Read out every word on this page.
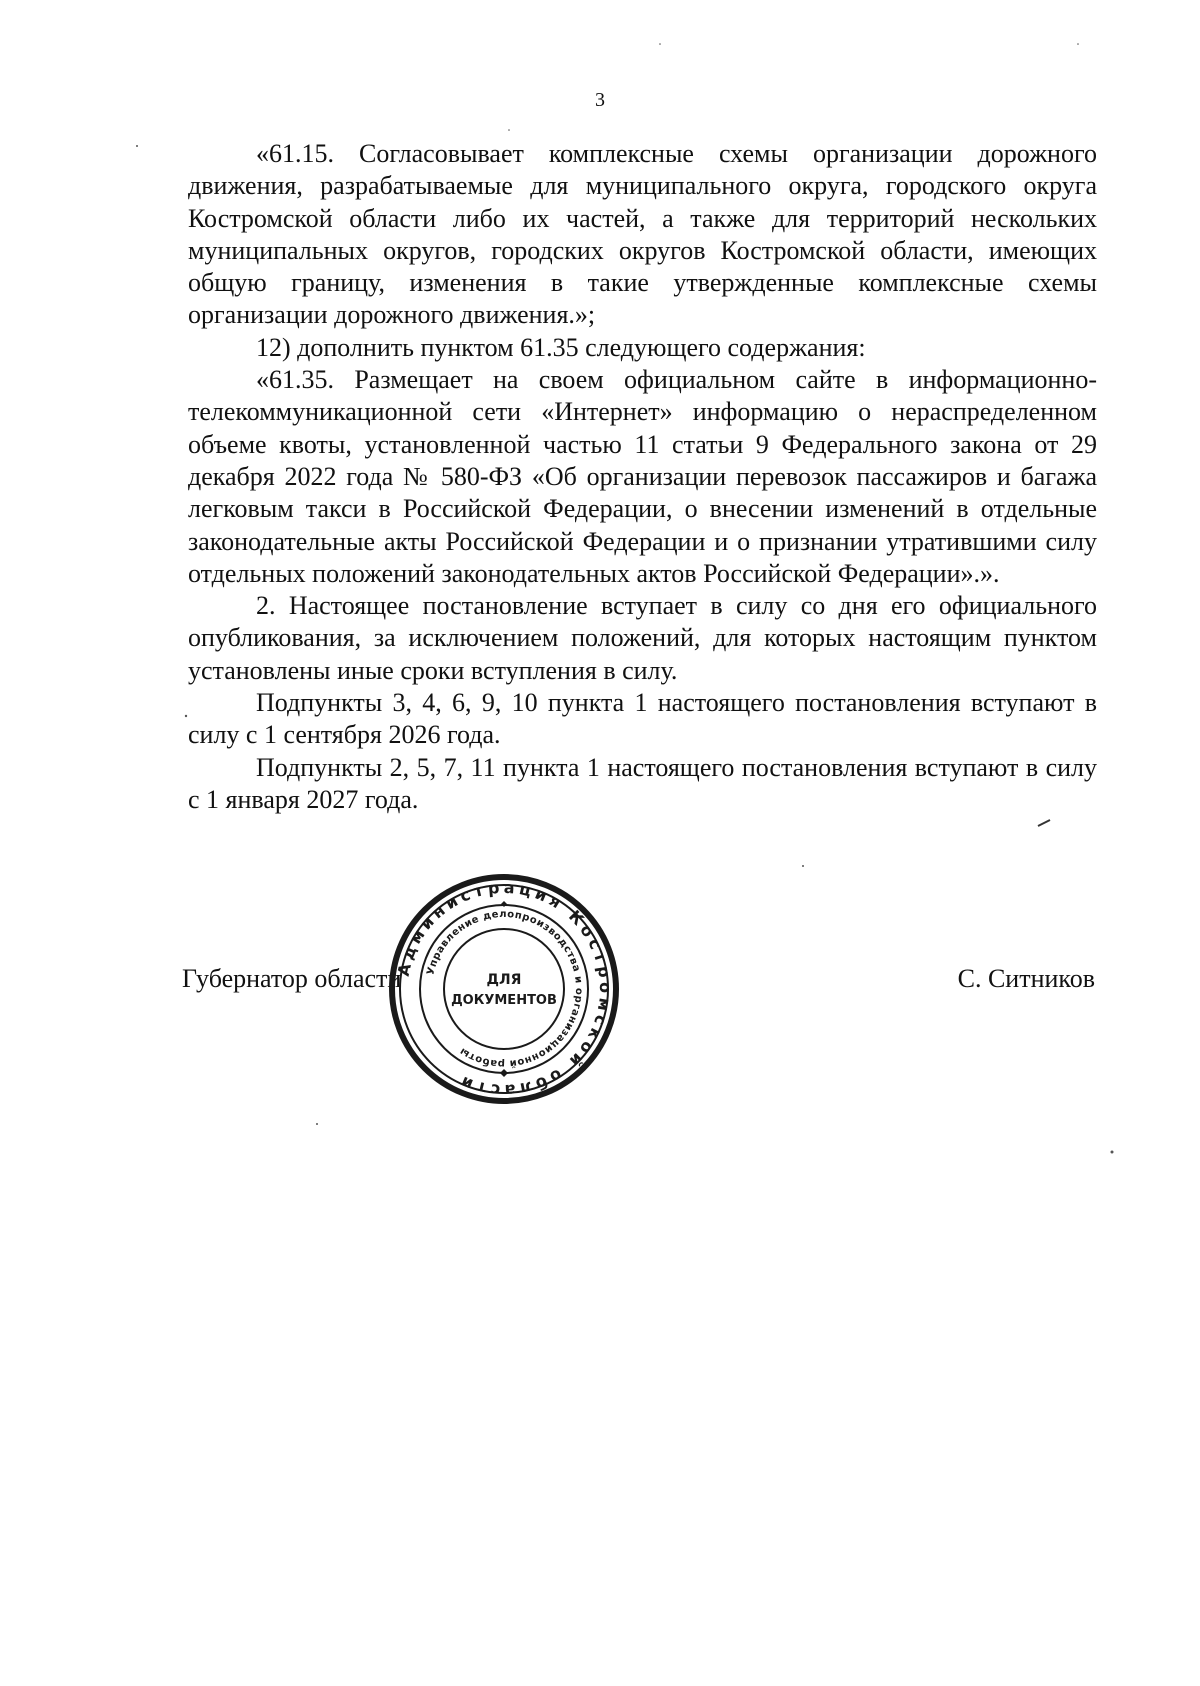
3

«61.15. Согласовывает комплексные схемы организации дорожного движения, разрабатываемые для муниципального округа, городского округа Костромской области либо их частей, а также для территорий нескольких муниципальных округов, городских округов Костромской области, имеющих общую границу, изменения в такие утвержденные комплексные схемы организации дорожного движения.»;

12) дополнить пунктом 61.35 следующего содержания:

«61.35. Размещает на своем официальном сайте в информационно-телекоммуникационной сети «Интернет» информацию о нераспределенном объеме квоты, установленной частью 11 статьи 9 Федерального закона от 29 декабря 2022 года № 580-ФЗ «Об организации перевозок пассажиров и багажа легковым такси в Российской Федерации, о внесении изменений в отдельные законодательные акты Российской Федерации и о признании утратившими силу отдельных положений законодательных актов Российской Федерации».».

2. Настоящее постановление вступает в силу со дня его официального опубликования, за исключением положений, для которых настоящим пунктом установлены иные сроки вступления в силу.

Подпункты 3, 4, 6, 9, 10 пункта 1 настоящего постановления вступают в силу с 1 сентября 2026 года.

Подпункты 2, 5, 7, 11 пункта 1 настоящего постановления вступают в силу с 1 января 2027 года.

Губернатор области	С. Ситников
Администрация Костромской области
Управление делопроизводства и организационной работы
ДЛЯ
ДОКУМЕНТОВ
